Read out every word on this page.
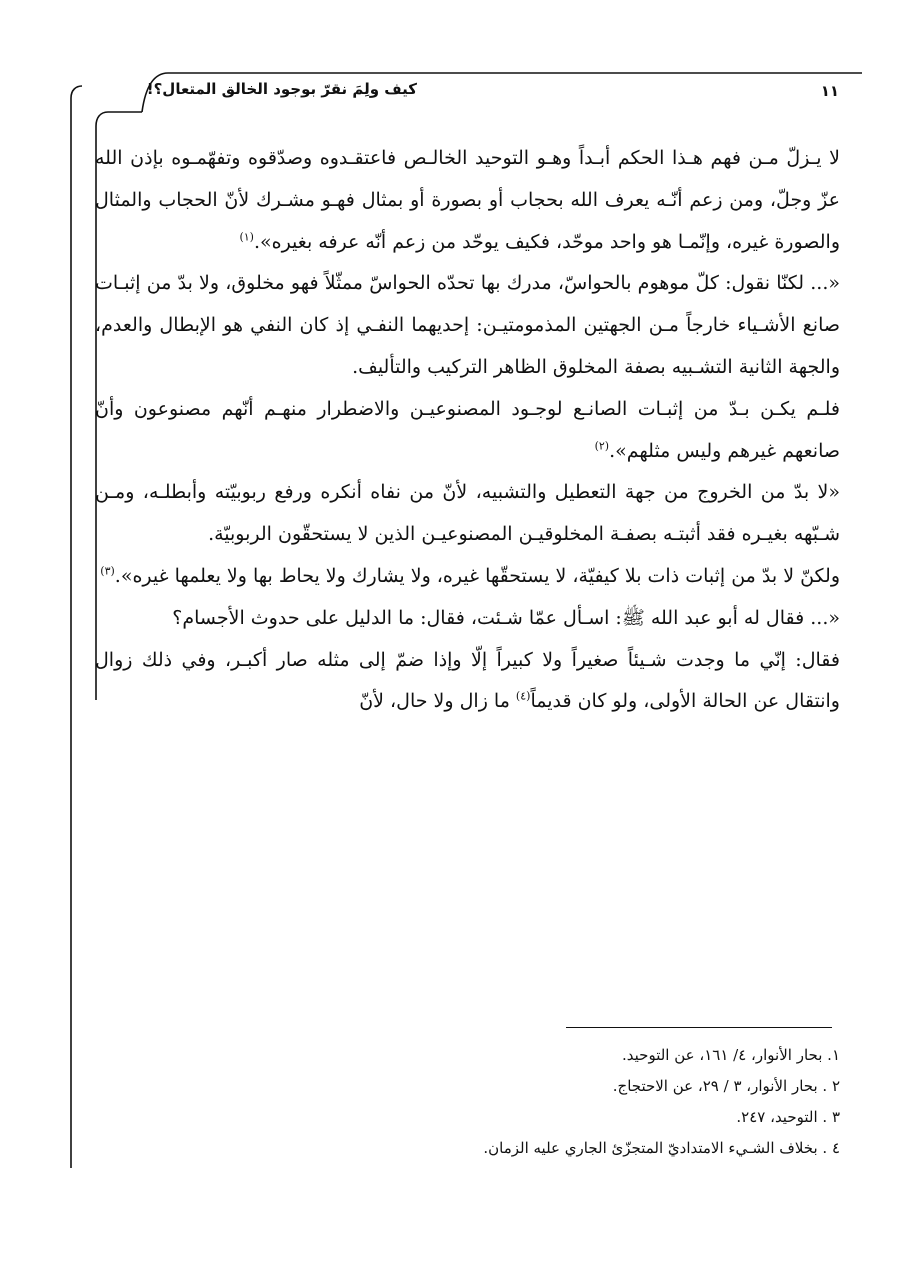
كيف ولِمَ نقرّ بوجود الخالق المتعال؟!	١١

لا يـزلّ مـن فهم هـذا الحكم أبـداً وهـو التوحيد الخالـص فاعتقـدوه وصدّقوه وتفهّمـوه بإذن الله عزّ وجلّ، ومن زعم أنّـه يعرف الله بحجاب أو بصورة أو بمثال فهـو مشـرك لأنّ الحجاب والمثال والصورة غيره، وإنّمـا هو واحد موحّد، فكيف يوحّد من زعم أنّه عرفه بغيره».$^{(١)}$

«... لكنّا نقول: كلّ موهوم بالحواسّ، مدرك بها تحدّه الحواسّ ممثّلاً فهو مخلوق، ولا بدّ من إثبـات صانع الأشـياء خارجاً مـن الجهتين المذمومتيـن: إحديهما النفـي إذ كان النفي هو الإبطال والعدم، والجهة الثانية التشـبيه بصفة المخلوق الظاهر التركيب والتأليف.

فلـم يكـن بـدّ من إثبـات الصانـع لوجـود المصنوعيـن والاضطرار منهـم أنّهم مصنوعون وأنّ صانعهم غيرهم وليس مثلهم».$^{(٢)}$

«لا بدّ من الخروج من جهة التعطيل والتشبيه، لأنّ من نفاه أنكره ورفع ربوبيّته وأبطلـه، ومـن شـبّهه بغيـره فقد أثبتـه بصفـة المخلوقيـن المصنوعيـن الذين لا يستحقّون الربوبيّة.

ولكنّ لا بدّ من إثبات ذات بلا كيفيّة، لا يستحقّها غيره، ولا يشارك ولا يحاط بها ولا يعلمها غيره».$^{(٣)}$

«... فقال له أبو عبد الله ﷺ: اسـأل عمّا شـئت، فقال: ما الدليل على حدوث الأجسام؟

فقال: إنّي ما وجدت شـيئاً صغيراً ولا كبيراً إلّا وإذا ضمّ إلى مثله صار أكبـر، وفي ذلك زوال وانتقال عن الحالة الأولى، ولو كان قديماً$^{(٤)}$ ما زال ولا حال، لأنّ

١. بحار الأنوار، ٤/ ١٦١، عن التوحيد.
٢ . بحار الأنوار، ٣ / ٢٩، عن الاحتجاج.
٣ . التوحيد، ٢٤٧.
٤ . بخلاف الشـيء الامتداديّ المتجزّئ الجاري عليه الزمان.
